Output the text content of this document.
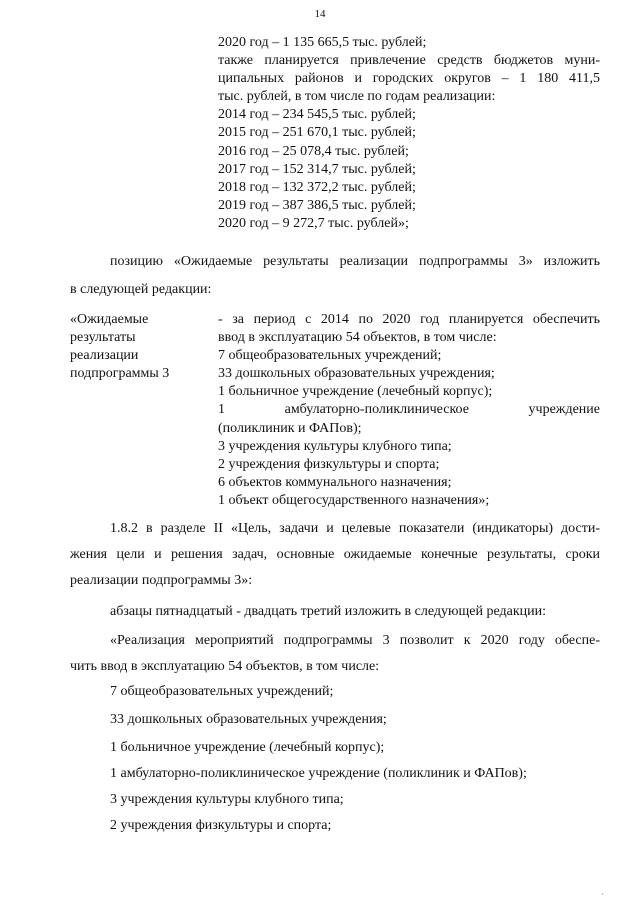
14
2020 год – 1 135 665,5 тыс. рублей;
также планируется привлечение средств бюджетов муни-
ципальных районов и городских округов – 1 180 411,5
тыс. рублей, в том числе по годам реализации:
2014 год – 234 545,5 тыс. рублей;
2015 год – 251 670,1 тыс. рублей;
2016 год – 25 078,4 тыс. рублей;
2017 год – 152 314,7 тыс. рублей;
2018 год – 132 372,2 тыс. рублей;
2019 год – 387 386,5 тыс. рублей;
2020 год – 9 272,7 тыс. рублей»;
позицию «Ожидаемые результаты реализации подпрограммы 3» изложить
в следующей редакции:
«Ожидаемые
результаты
реализации
подпрограммы 3
- за период с 2014 по 2020 год планируется обеспечить
ввод в эксплуатацию 54 объектов, в том числе:
7 общеобразовательных учреждений;
33 дошкольных образовательных учреждения;
1 больничное учреждение (лечебный корпус);
1 амбулаторно-поликлиническое учреждение
(поликлиник и ФАПов);
3 учреждения культуры клубного типа;
2 учреждения физкультуры и спорта;
6 объектов коммунального назначения;
1 объект общегосударственного назначения»;
1.8.2 в разделе II «Цель, задачи и целевые показатели (индикаторы) дости-
жения цели и решения задач, основные ожидаемые конечные результаты, сроки
реализации подпрограммы 3»:
абзацы пятнадцатый - двадцать третий изложить в следующей редакции:
«Реализация мероприятий подпрограммы 3 позволит к 2020 году обеспе-
чить ввод в эксплуатацию 54 объектов, в том числе:
7 общеобразовательных учреждений;
33 дошкольных образовательных учреждения;
1 больничное учреждение (лечебный корпус);
1 амбулаторно-поликлиническое учреждение (поликлиник и ФАПов);
3 учреждения культуры клубного типа;
2 учреждения физкультуры и спорта;
·
